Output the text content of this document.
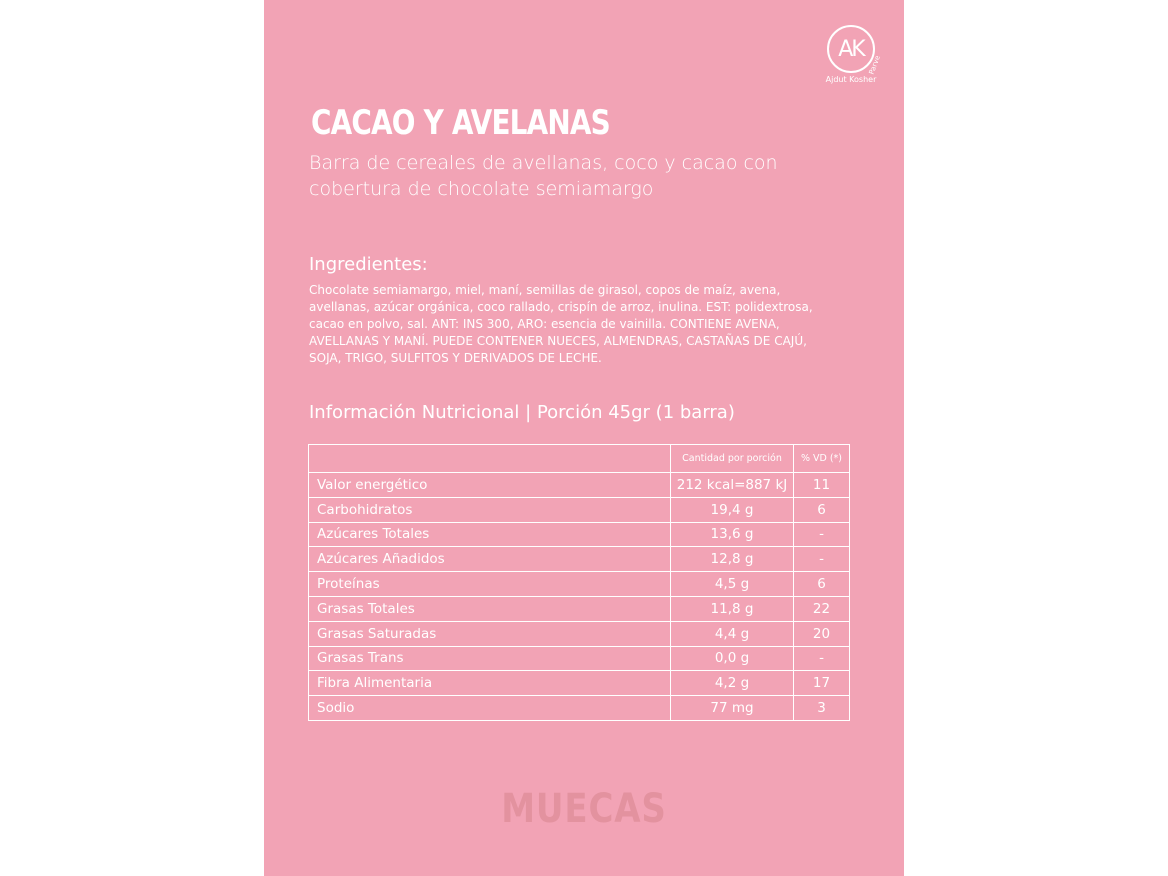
AK
Parve
Ajdut Kosher
CACAO Y AVELANAS
Barra de cereales de avellanas, coco y cacao con cobertura de chocolate semiamargo
Ingredientes:
Chocolate semiamargo, miel, maní, semillas de girasol, copos de maíz, avena, avellanas, azúcar orgánica, coco rallado, crispín de arroz, inulina. EST: polidextrosa, cacao en polvo, sal. ANT: INS 300, ARO: esencia de vainilla. CONTIENE AVENA, AVELLANAS Y MANÍ. PUEDE CONTENER NUECES, ALMENDRAS, CASTAÑAS DE CAJÚ, SOJA, TRIGO, SULFITOS Y DERIVADOS DE LECHE.
Información Nutricional | Porción 45gr (1 barra)
	Cantidad por porción	% VD (*)
Valor energético	212 kcal=887 kJ	11
Carbohidratos	19,4 g	6
Azúcares Totales	13,6 g	-
Azúcares Añadidos	12,8 g	-
Proteínas	4,5 g	6
Grasas Totales	11,8 g	22
Grasas Saturadas	4,4 g	20
Grasas Trans	0,0 g	-
Fibra Alimentaria	4,2 g	17
Sodio	77 mg	3
MUECAS
